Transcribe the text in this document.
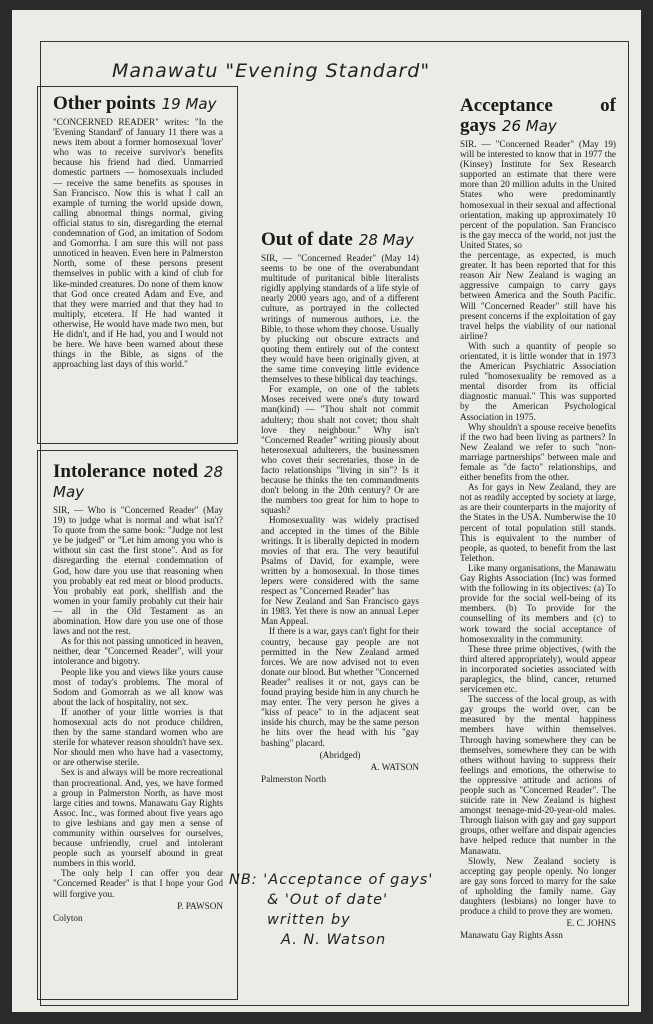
Manawatu "Evening Standard"
Other points 19 May

"CONCERNED READER" writes: "In the 'Evening Standard' of January 11 there was a news item about a former homosexual 'lover' who was to receive survivor's benefits because his friend had died. Unmarried domestic partners — homosexuals included — receive the same benefits as spouses in San Francisco. Now this is what I call an example of turning the world upside down, calling abnormal things normal, giving official status to sin, disregarding the eternal condemnation of God, an imitation of Sodom and Gomorrha. I am sure this will not pass unnoticed in heaven. Even here in Palmerston North, some of these persons present themselves in public with a kind of club for like-minded creatures. Do none of them know that God once created Adam and Eve, and that they were married and that they had to multiply, etcetera. If He had wanted it otherwise, He would have made two men, but He didn't, and if He had, you and I would not be here. We have been warned about these things in the Bible, as signs of the approaching last days of this world."

Intolerance noted 28 May

SIR, — Who is "Concerned Reader" (May 19) to judge what is normal and what isn't? To quote from the same book: "Judge not lest ye be judged" or "Let him among you who is without sin cast the first stone". And as for disregarding the eternal condemnation of God, how dare you use that reasoning when you probably eat red meat or blood products. You probably eat pork, shellfish and the women in your family probably cut their hair — all in the Old Testament as an abomination. How dare you use one of those laws and not the rest.

As for this not passing unnoticed in heaven, neither, dear "Concerned Reader", will your intolerance and bigotry.

People like you and views like yours cause most of today's problems. The moral of Sodom and Gomorrah as we all know was about the lack of hospitality, not sex.

If another of your little worries is that homosexual acts do not produce children, then by the same standard women who are sterile for whatever reason shouldn't have sex. Nor should men who have had a vasectomy, or are otherwise sterile.

Sex is and always will be more recreational than procreational. And, yes, we have formed a group in Palmerston North, as have most large cities and towns. Manawatu Gay Rights Assoc. Inc., was formed about five years ago to give lesbians and gay men a sense of community within ourselves for ourselves, because unfriendly, cruel and intolerant people such as yourself abound in great numbers in this world.

The only help I can offer you dear "Concerned Reader" is that I hope your God will forgive you.

P. PAWSON
Colyton
Out of date 28 May

SIR, — "Concerned Reader" (May 14) seems to be one of the overabundant multitude of puritanical bible literalists rigidly applying standards of a life style of nearly 2000 years ago, and of a different culture, as portrayed in the collected writings of numerous authors, i.e. the Bible, to those whom they choose. Usually by plucking out obscure extracts and quoting them entirely out of the context they would have been originally given, at the same time conveying little evidence themselves to these biblical day teachings.

For example, on one of the tablets Moses received were one's duty toward man(kind) — "Thou shalt not commit adultery; thou shalt not covet; thou shalt love they neighbour." Why isn't "Concerned Reader" writing piously about heterosexual adulterers, the businessmen who covet their secretaries, those in de facto relationships "living in sin"? Is it because he thinks the ten commandments don't belong in the 20th century? Or are the numbers too great for him to hope to squash?

Homosexuality was widely practised and accepted in the times of the Bible writings. It is liberally depicted in modern movies of that era. The very beautiful Psalms of David, for example, were written by a homosexual. In those times lepers were considered with the same respect as "Concerned Reader" has

for New Zealand and San Francisco gays in 1983. Yet there is now an annual Leper Man Appeal.

If there is a war, gays can't fight for their country, because gay people are not permitted in the New Zealand armed forces. We are now advised not to even donate our blood. But whether "Concerned Reader" realises it or not, gays can be found praying beside him in any church he may enter. The very person he gives a "kiss of peace" to in the adjacent seat inside his church, may be the same person he hits over the head with his "gay bashing" placard.

(Abridged)
A. WATSON
Palmerston North
NB: 'Acceptance of gays'
& 'Out of date'
written by
A. N. Watson
Acceptance of gays 26 May

SIR. — "Concerned Reader" (May 19) will be interested to know that in 1977 the (Kinsey) Institute for Sex Research supported an estimate that there were more than 20 million adults in the United States who were predominantly homosexual in their sexual and affectional orientation, making up approximately 10 percent of the population. San Francisco is the gay mecca of the world, not just the United States, so

the percentage, as expected, is much greater. It has been reported that for this reason Air New Zealand is waging an aggressive campaign to carry gays between America and the South Pacific. Will "Concerned Reader" still have his present concerns if the exploitation of gay travel helps the viability of our national airline?

With such a quantity of people so orientated, it is little wonder that in 1973 the American Psychiatric Association ruled "homosexuality be removed as a mental disorder from its official diagnostic manual." This was supported by the American Psychological Association in 1975.

Why shouldn't a spouse receive benefits if the two had been living as partners? In New Zealand we refer to such "non-marriage partnerships" between male and female as "de facto" relationships, and either benefits from the other.

As for gays in New Zealand, they are not as readily accepted by society at large, as are their counterparts in the majority of the States in the USA. Numberwise the 10 percent of total population still stands. This is equivalent to the number of people, as quoted, to benefit from the last Telethon.

Like many organisations, the Manawatu Gay Rights Association (Inc) was formed with the following in its objectives: (a) To provide for the social well-being of its members. (b) To provide for the counselling of its members and (c) to work toward the social acceptance of homosexuality in the community.

These three prime objectives, (with the third altered appropriately), would appear in incorporated societies associated with paraplegics, the blind, cancer, returned servicemen etc.

The success of the local group, as with gay groups the world over, can be measured by the mental happiness members have within themselves. Through having somewhere they can be themselves, somewhere they can be with others without having to suppress their feelings and emotions, the otherwise to the oppressive attitude and actions of people such as "Concerned Reader". The suicide rate in New Zealand is highest amongst teenage-mid-20-year-old males. Through liaison with gay and gay support groups, other welfare and dispair agencies have helped reduce that number in the Manawatu.

Slowly, New Zealand society is accepting gay people openly. No longer are gay sons forced to marry for the sake of upholding the family name. Gay daughters (lesbians) no longer have to produce a child to prove they are women.

E. C. JOHNS
Manawatu Gay Rights Assn
